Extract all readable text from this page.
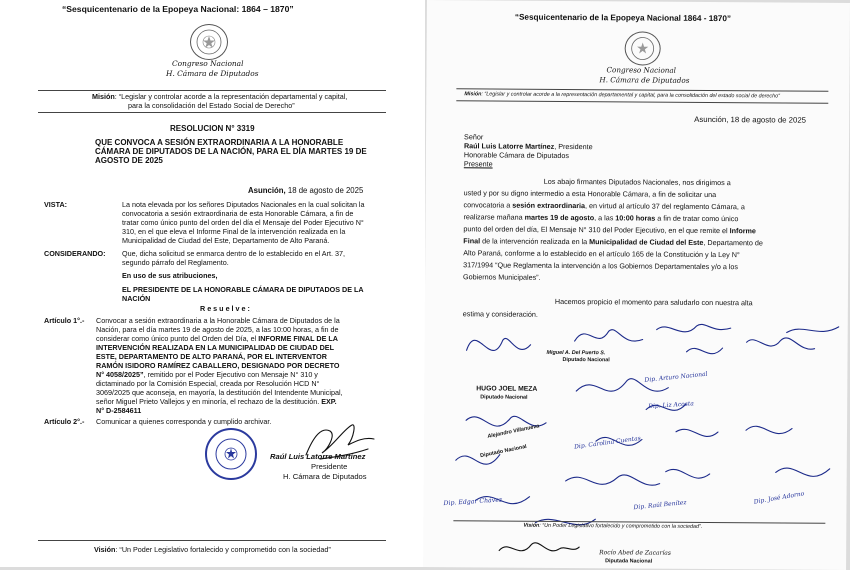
“Sesquicentenario de la Epopeya Nacional: 1864 – 1870”
Congreso Nacional
H. Cámara de Diputados
Misión: “Legislar y controlar acorde a la representación departamental y capital,
para la consolidación del Estado Social de Derecho”
RESOLUCION N° 3319
QUE CONVOCA A SESIÓN EXTRAORDINARIA A LA HONORABLE
CÁMARA DE DIPUTADOS DE LA NACIÓN, PARA EL DÍA MARTES 19 DE
AGOSTO DE 2025
Asunción, 18 de agosto de 2025
VISTA:	La nota elevada por los señores Diputados Nacionales en la cual solicitan la
convocatoria a sesión extraordinaria de esta Honorable Cámara, a fin de
tratar como único punto del orden del día el Mensaje del Poder Ejecutivo N°
310, en el que eleva el Informe Final de la intervención realizada en la
Municipalidad de Ciudad del Este, Departamento de Alto Paraná.
CONSIDERANDO: Que, dicha solicitud se enmarca dentro de lo establecido en el Art. 37,
segundo párrafo del Reglamento.
En uso de sus atribuciones,
EL PRESIDENTE DE LA HONORABLE CÁMARA DE DIPUTADOS DE LA
NACIÓN
R e s u e l v e :
Artículo 1°.- Convocar a sesión extraordinaria a la Honorable Cámara de Diputados de la
Nación, para el día martes 19 de agosto de 2025, a las 10:00 horas, a fin de
considerar como único punto del Orden del Día, el INFORME FINAL DE LA
INTERVENCIÓN REALIZADA EN LA MUNICIPALIDAD DE CIUDAD DEL
ESTE, DEPARTAMENTO DE ALTO PARANÁ, POR EL INTERVENTOR
RAMÓN ISIDORO RAMÍREZ CABALLERO, DESIGNADO POR DECRETO
N° 4058/2025”, remitido por el Poder Ejecutivo con Mensaje N° 310 y
dictaminado por la Comisión Especial, creada por Resolución HCD N°
3069/2025 que aconseja, en mayoría, la destitución del Intendente Municipal,
señor Miguel Prieto Vallejos y en minoría, el rechazo de la destitución. EXP.
N° D-2584611
Artículo 2°.- Comunicar a quienes corresponda y cumplido archivar.
Raúl Luis Latorre Martínez
Presidente
H. Cámara de Diputados
Visión: “Un Poder Legislativo fortalecido y comprometido con la sociedad”
“Sesquicentenario de la Epopeya Nacional 1864 - 1870”
Congreso Nacional
H. Cámara de Diputados
Misión: “Legislar y controlar acorde a la representación departamental y capital, para la consolidación del estado social de derecho”
Asunción, 18 de agosto de 2025
Señor
Raúl Luis Latorre Martínez, Presidente
Honorable Cámara de Diputados
Presente
Los abajo firmantes Diputados Nacionales, nos dirigimos a
usted y por su digno intermedio a esta Honorable Cámara, a fin de solicitar una
convocatoria a sesión extraordinaria, en virtud al artículo 37 del reglamento Cámara, a
realizarse mañana martes 19 de agosto, a las 10:00 horas a fin de tratar como único
punto del orden del día, El Mensaje N° 310 del Poder Ejecutivo, en el que remite el Informe
Final de la intervención realizada en la Municipalidad de Ciudad del Este, Departamento de
Alto Paraná, conforme a lo establecido en el artículo 165 de la Constitución y la Ley N°
317/1994 “Que Reglamenta la intervención a los Gobiernos Departamentales y/o a los
Gobiernos Municipales”.
Hacemos propicio el momento para saludarlo con nuestra alta
estima y consideración.
Miguel A. Del Puerto S.
Diputado Nacional
HUGO JOEL MEZA
Diputado Nacional
Alejandro Villanueva
Diputado Nacional
Dip. Arturo Nacional
Dip. Liz Acosta
Dip. Carolina Cuentas
Dip. Edgar Chávez	Dip. Raúl Benítez	Dip. José Adorno
Visión: “Un Poder Legislativo fortalecido y comprometido con la sociedad”.
Rocío Abed de Zacarías
Diputada Nacional
